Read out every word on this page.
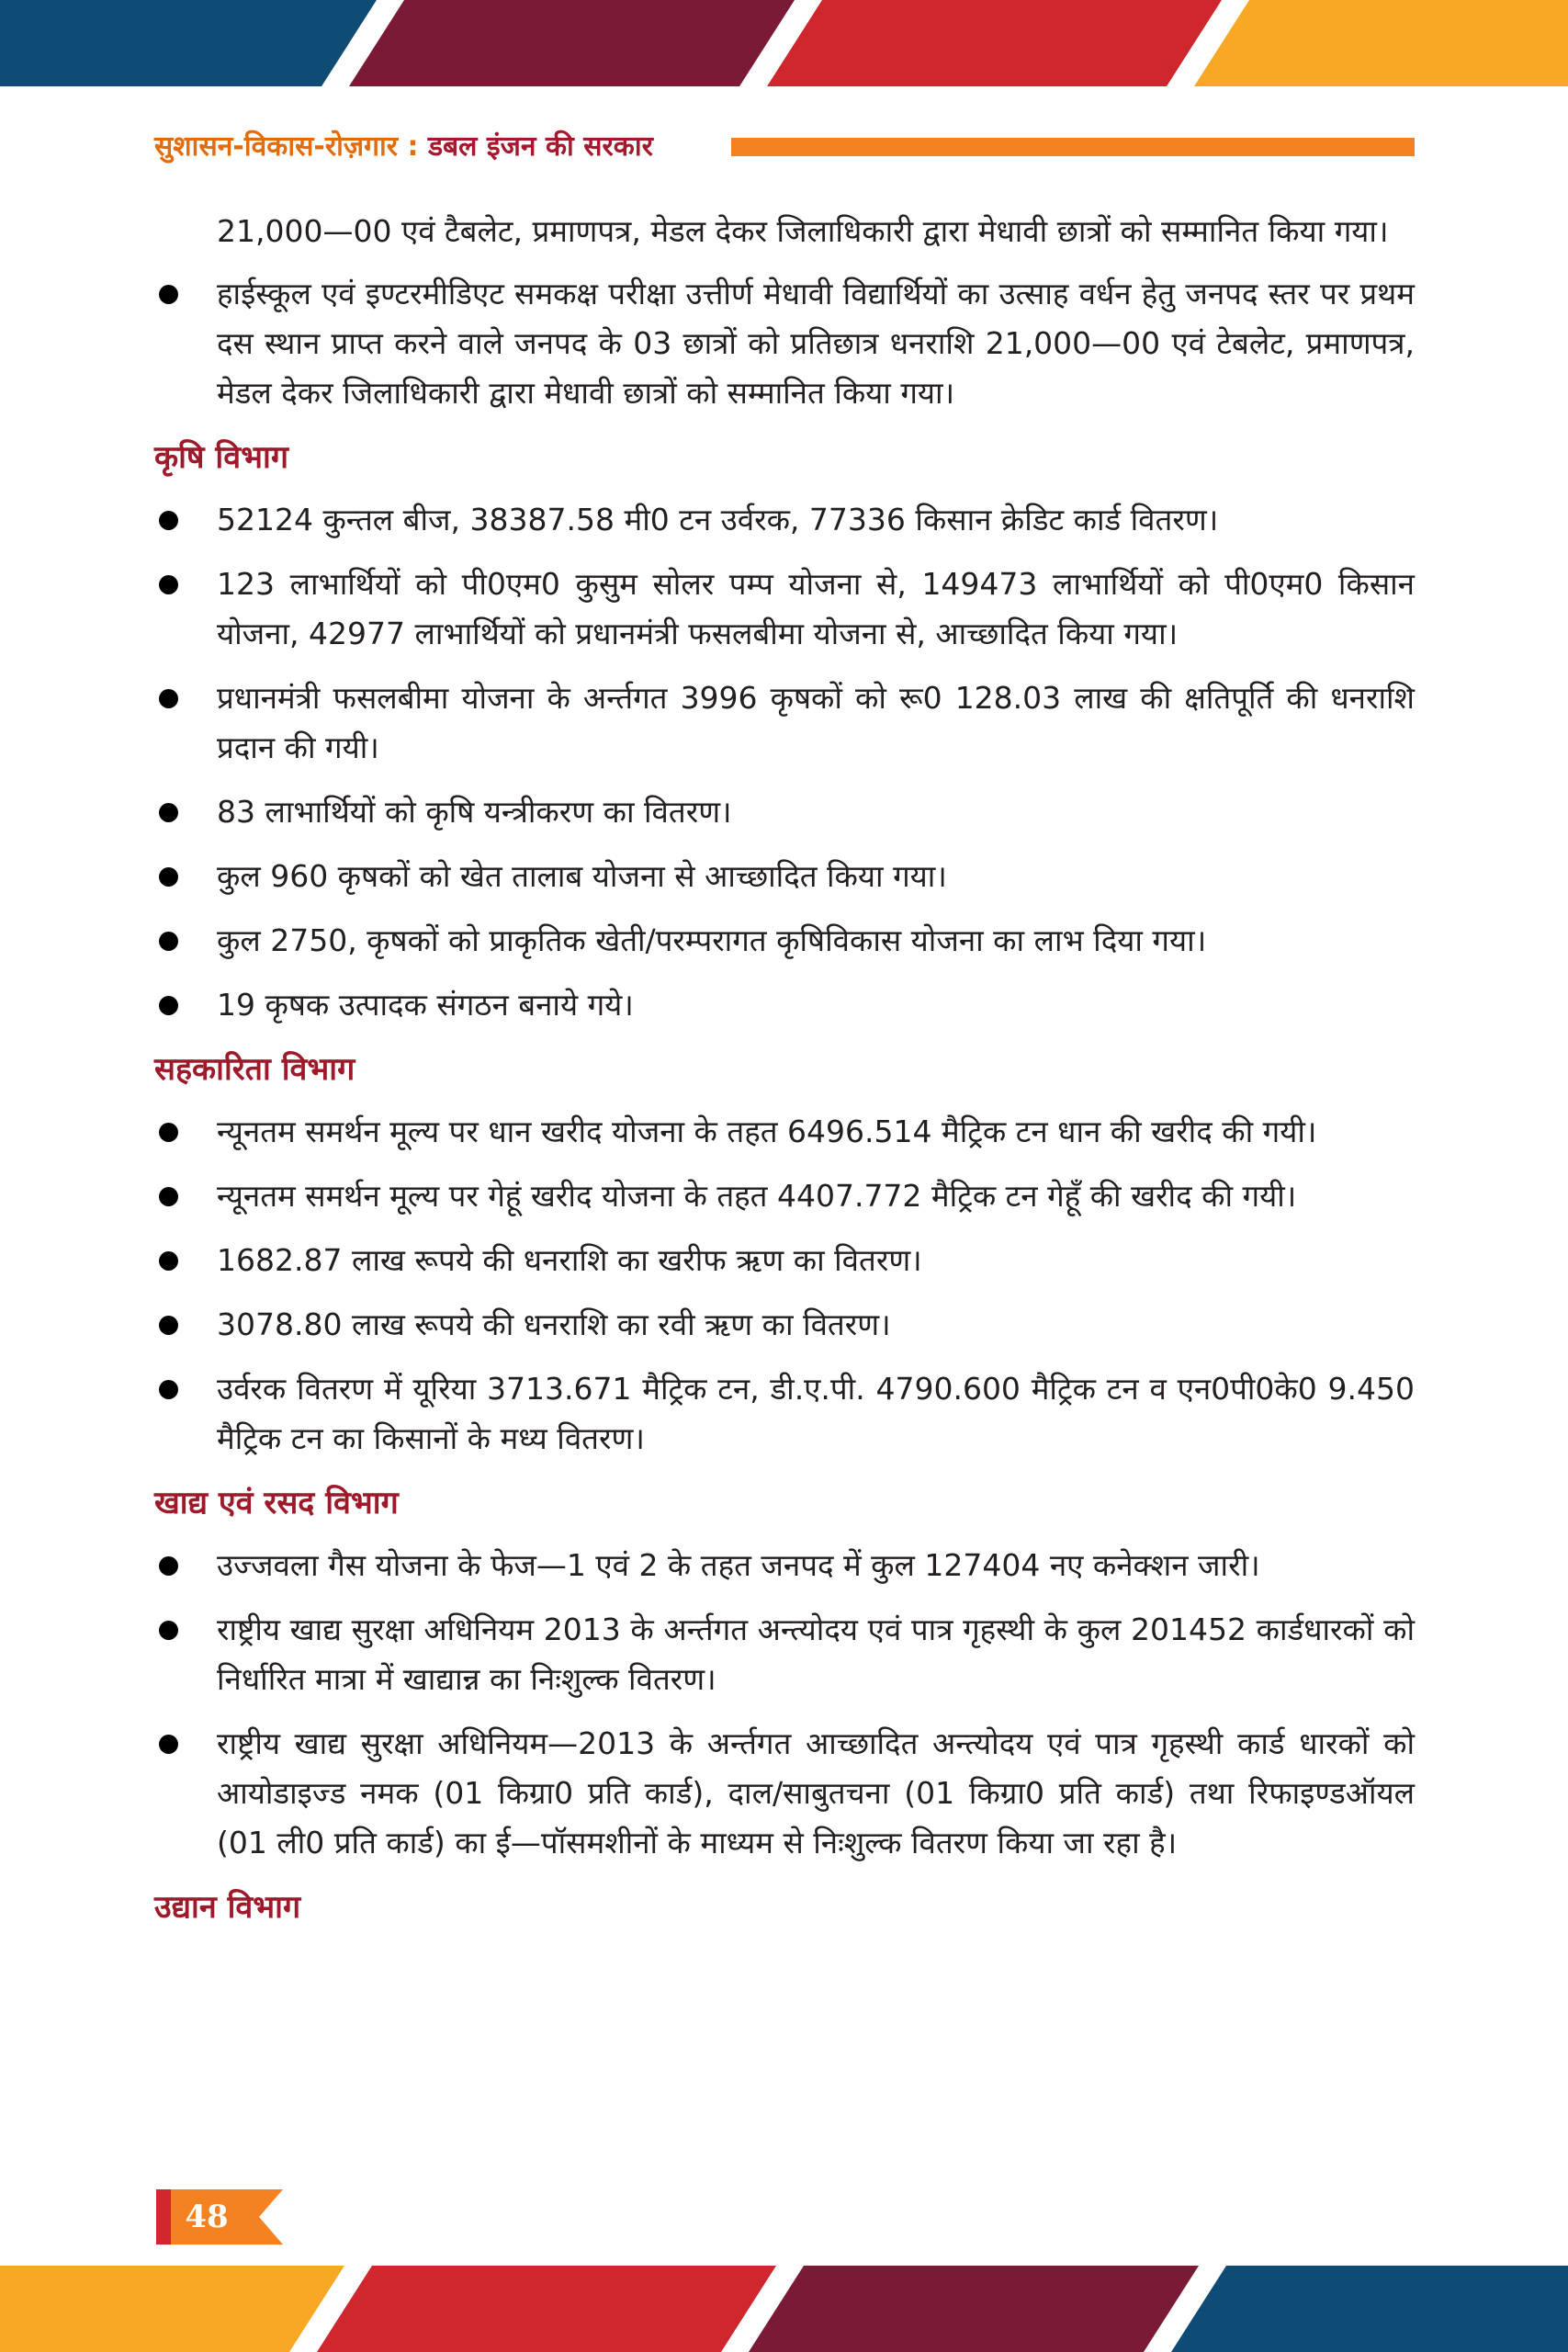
सुशासन-विकास-रोज़गार : डबल इंजन की सरकार

21,000—00 एवं टैबलेट, प्रमाणपत्र, मेडल देकर जिलाधिकारी द्वारा मेधावी छात्रों को सम्मानित किया गया।

हाईस्कूल एवं इण्टरमीडिएट समकक्ष परीक्षा उत्तीर्ण मेधावी विद्यार्थियों का उत्साह वर्धन हेतु जनपद स्तर पर प्रथम दस स्थान प्राप्त करने वाले जनपद के 03 छात्रों को प्रतिछात्र धनराशि 21,000—00 एवं टेबलेट, प्रमाणपत्र, मेडल देकर जिलाधिकारी द्वारा मेधावी छात्रों को सम्मानित किया गया।

कृषि विभाग

52124 कुन्तल बीज, 38387.58 मी0 टन उर्वरक, 77336 किसान क्रेडिट कार्ड वितरण।

123 लाभार्थियों को पी0एम0 कुसुम सोलर पम्प योजना से, 149473 लाभार्थियों को पी0एम0 किसान योजना, 42977 लाभार्थियों को प्रधानमंत्री फसलबीमा योजना से, आच्छादित किया गया।

प्रधानमंत्री फसलबीमा योजना के अर्न्तगत 3996 कृषकों को रू0 128.03 लाख की क्षतिपूर्ति की धनराशि प्रदान की गयी।

83 लाभार्थियों को कृषि यन्त्रीकरण का वितरण।

कुल 960 कृषकों को खेत तालाब योजना से आच्छादित किया गया।

कुल 2750, कृषकों को प्राकृतिक खेती/परम्परागत कृषिविकास योजना का लाभ दिया गया।

19 कृषक उत्पादक संगठन बनाये गये।

सहकारिता विभाग

न्यूनतम समर्थन मूल्य पर धान खरीद योजना के तहत 6496.514 मैट्रिक टन धान की खरीद की गयी।

न्यूनतम समर्थन मूल्य पर गेहूं खरीद योजना के तहत 4407.772 मैट्रिक टन गेहूॅं की खरीद की गयी।

1682.87 लाख रूपये की धनराशि का खरीफ ऋण का वितरण।

3078.80 लाख रूपये की धनराशि का रवी ऋण का वितरण।

उर्वरक वितरण में यूरिया 3713.671 मैट्रिक टन, डी.ए.पी. 4790.600 मैट्रिक टन व एन0पी0के0 9.450 मैट्रिक टन का किसानों के मध्य वितरण।

खाद्य एवं रसद विभाग

उज्जवला गैस योजना के फेज—1 एवं 2 के तहत जनपद में कुल 127404 नए कनेक्शन जारी।

राष्ट्रीय खाद्य सुरक्षा अधिनियम 2013 के अर्न्तगत अन्त्योदय एवं पात्र गृहस्थी के कुल 201452 कार्डधारकों को निर्धारित मात्रा में खाद्यान्न का निःशुल्क वितरण।

राष्ट्रीय खाद्य सुरक्षा अधिनियम—2013 के अर्न्तगत आच्छादित अन्त्योदय एवं पात्र गृहस्थी कार्ड धारकों को आयोडाइज्ड नमक (01 किग्रा0 प्रति कार्ड), दाल/साबुतचना (01 किग्रा0 प्रति कार्ड) तथा रिफाइण्डऑयल (01 ली0 प्रति कार्ड) का ई—पॉसमशीनों के माध्यम से निःशुल्क वितरण किया जा रहा है।

उद्यान विभाग
48
